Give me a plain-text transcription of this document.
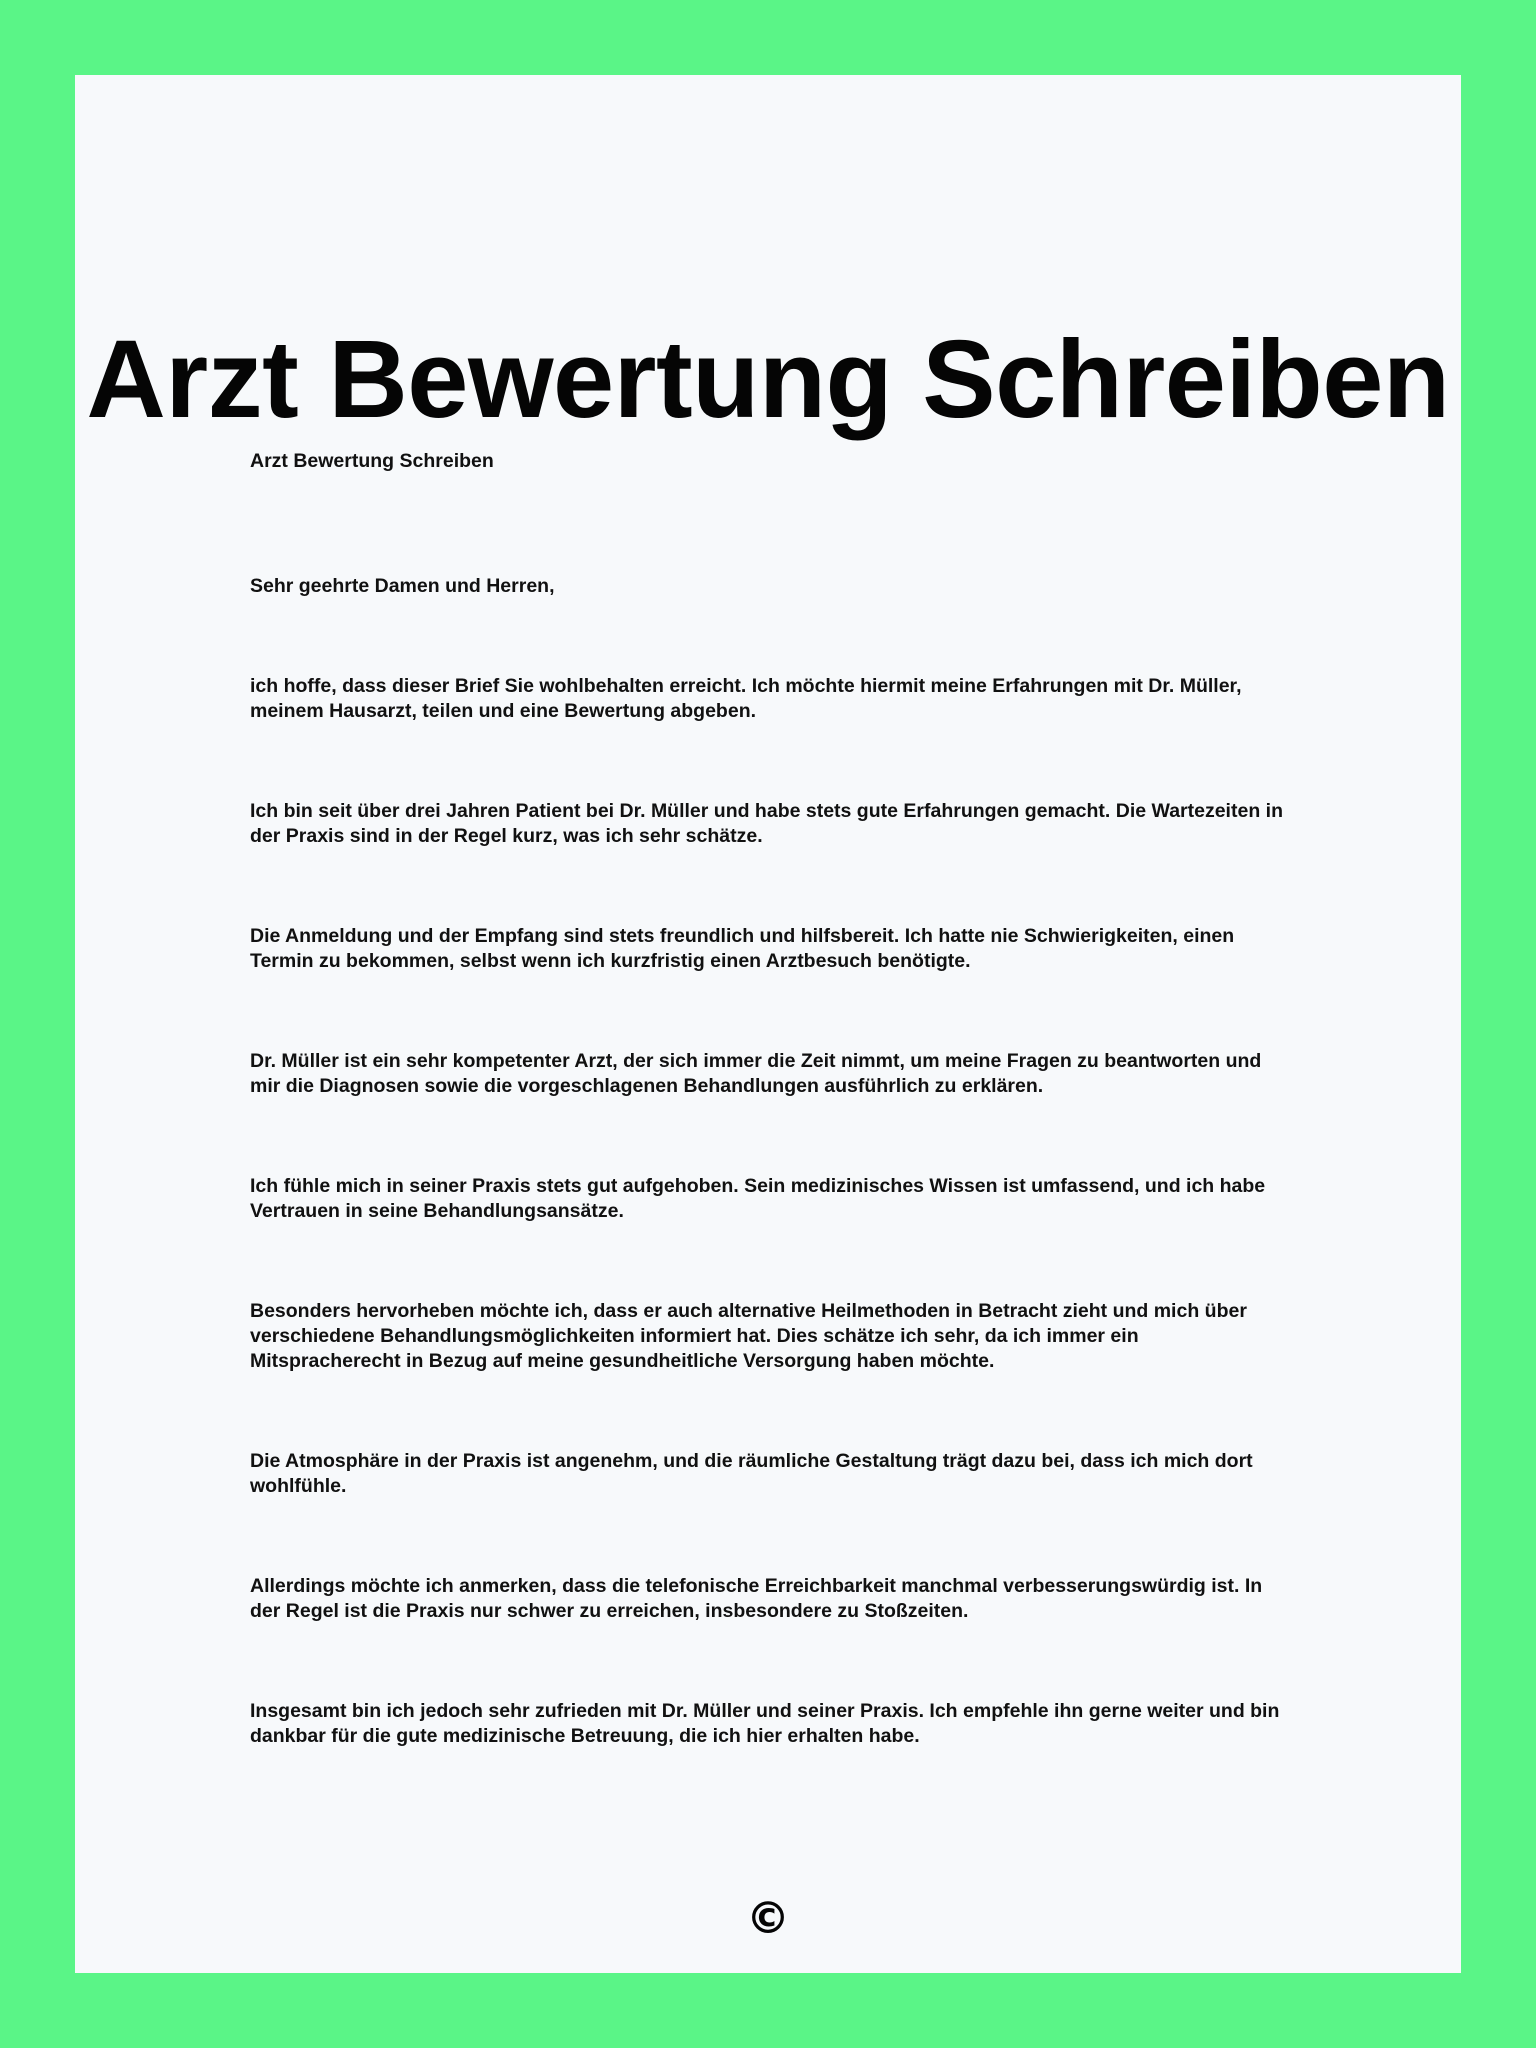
Arzt Bewertung Schreiben

Arzt Bewertung Schreiben

Sehr geehrte Damen und Herren,

ich hoffe, dass dieser Brief Sie wohlbehalten erreicht. Ich möchte hiermit meine Erfahrungen mit Dr. Müller, meinem Hausarzt, teilen und eine Bewertung abgeben.

Ich bin seit über drei Jahren Patient bei Dr. Müller und habe stets gute Erfahrungen gemacht. Die Wartezeiten in der Praxis sind in der Regel kurz, was ich sehr schätze.

Die Anmeldung und der Empfang sind stets freundlich und hilfsbereit. Ich hatte nie Schwierigkeiten, einen Termin zu bekommen, selbst wenn ich kurzfristig einen Arztbesuch benötigte.

Dr. Müller ist ein sehr kompetenter Arzt, der sich immer die Zeit nimmt, um meine Fragen zu beantworten und mir die Diagnosen sowie die vorgeschlagenen Behandlungen ausführlich zu erklären.

Ich fühle mich in seiner Praxis stets gut aufgehoben. Sein medizinisches Wissen ist umfassend, und ich habe Vertrauen in seine Behandlungsansätze.

Besonders hervorheben möchte ich, dass er auch alternative Heilmethoden in Betracht zieht und mich über verschiedene Behandlungsmöglichkeiten informiert hat. Dies schätze ich sehr, da ich immer ein Mitspracherecht in Bezug auf meine gesundheitliche Versorgung haben möchte.

Die Atmosphäre in der Praxis ist angenehm, und die räumliche Gestaltung trägt dazu bei, dass ich mich dort wohlfühle.

Allerdings möchte ich anmerken, dass die telefonische Erreichbarkeit manchmal verbesserungswürdig ist. In der Regel ist die Praxis nur schwer zu erreichen, insbesondere zu Stoßzeiten.

Insgesamt bin ich jedoch sehr zufrieden mit Dr. Müller und seiner Praxis. Ich empfehle ihn gerne weiter und bin dankbar für die gute medizinische Betreuung, die ich hier erhalten habe.

©
